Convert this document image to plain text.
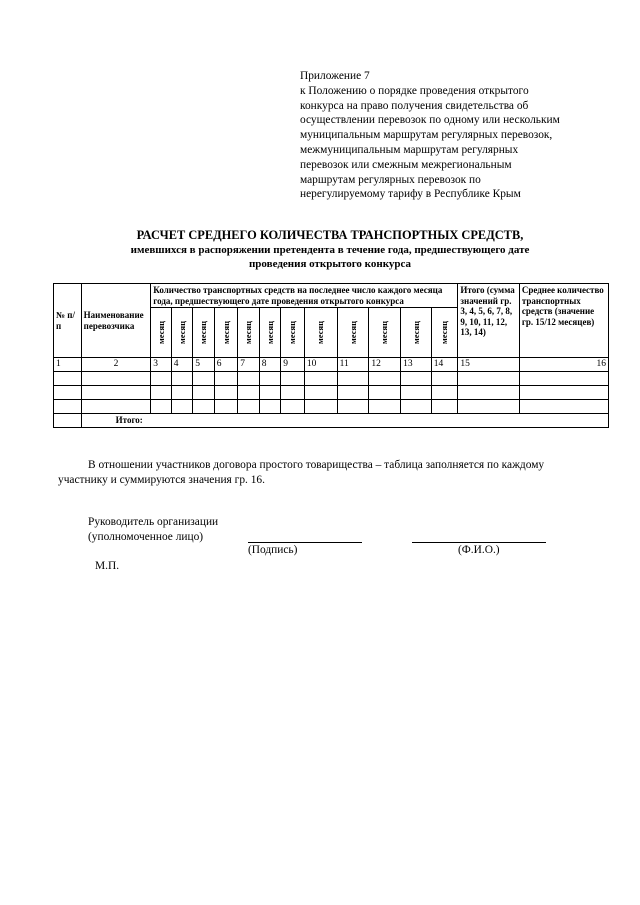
Приложение 7
к Положению о порядке проведения открытого
конкурса на право получения свидетельства об
осуществлении перевозок по одному или нескольким
муниципальным маршрутам регулярных перевозок,
межмуниципальным маршрутам регулярных
перевозок или смежным межрегиональным
маршрутам регулярных перевозок по
нерегулируемому тарифу в Республике Крым
РАСЧЕТ СРЕДНЕГО КОЛИЧЕСТВА ТРАНСПОРТНЫХ СРЕДСТВ,
имевшихся в распоряжении претендента в течение года, предшествующего дате
проведения открытого конкурса
№ п/п	Наименование перевозчика	Количество транспортных средств на последнее число каждого месяца года, предшествующего дате проведения открытого конкурса												Итого (сумма значений гр. 3, 4, 5, 6, 7, 8, 9, 10, 11, 12, 13, 14)	Среднее количество транспортных средств (значение гр. 15/12 месяцев)

		месяц	месяц	месяц	месяц	месяц	месяц	месяц	месяц	месяц	месяц	месяц	месяц		

1	2	3	4	5	6	7	8	9	10	11	12	13	14	15	16

	Итого:														
В отношении участников договора простого товарищества – таблица заполняется по каждому участнику и суммируются значения гр. 16.
Руководитель организации
(уполномоченное лицо)
(Подпись)	(Ф.И.О.)
М.П.
